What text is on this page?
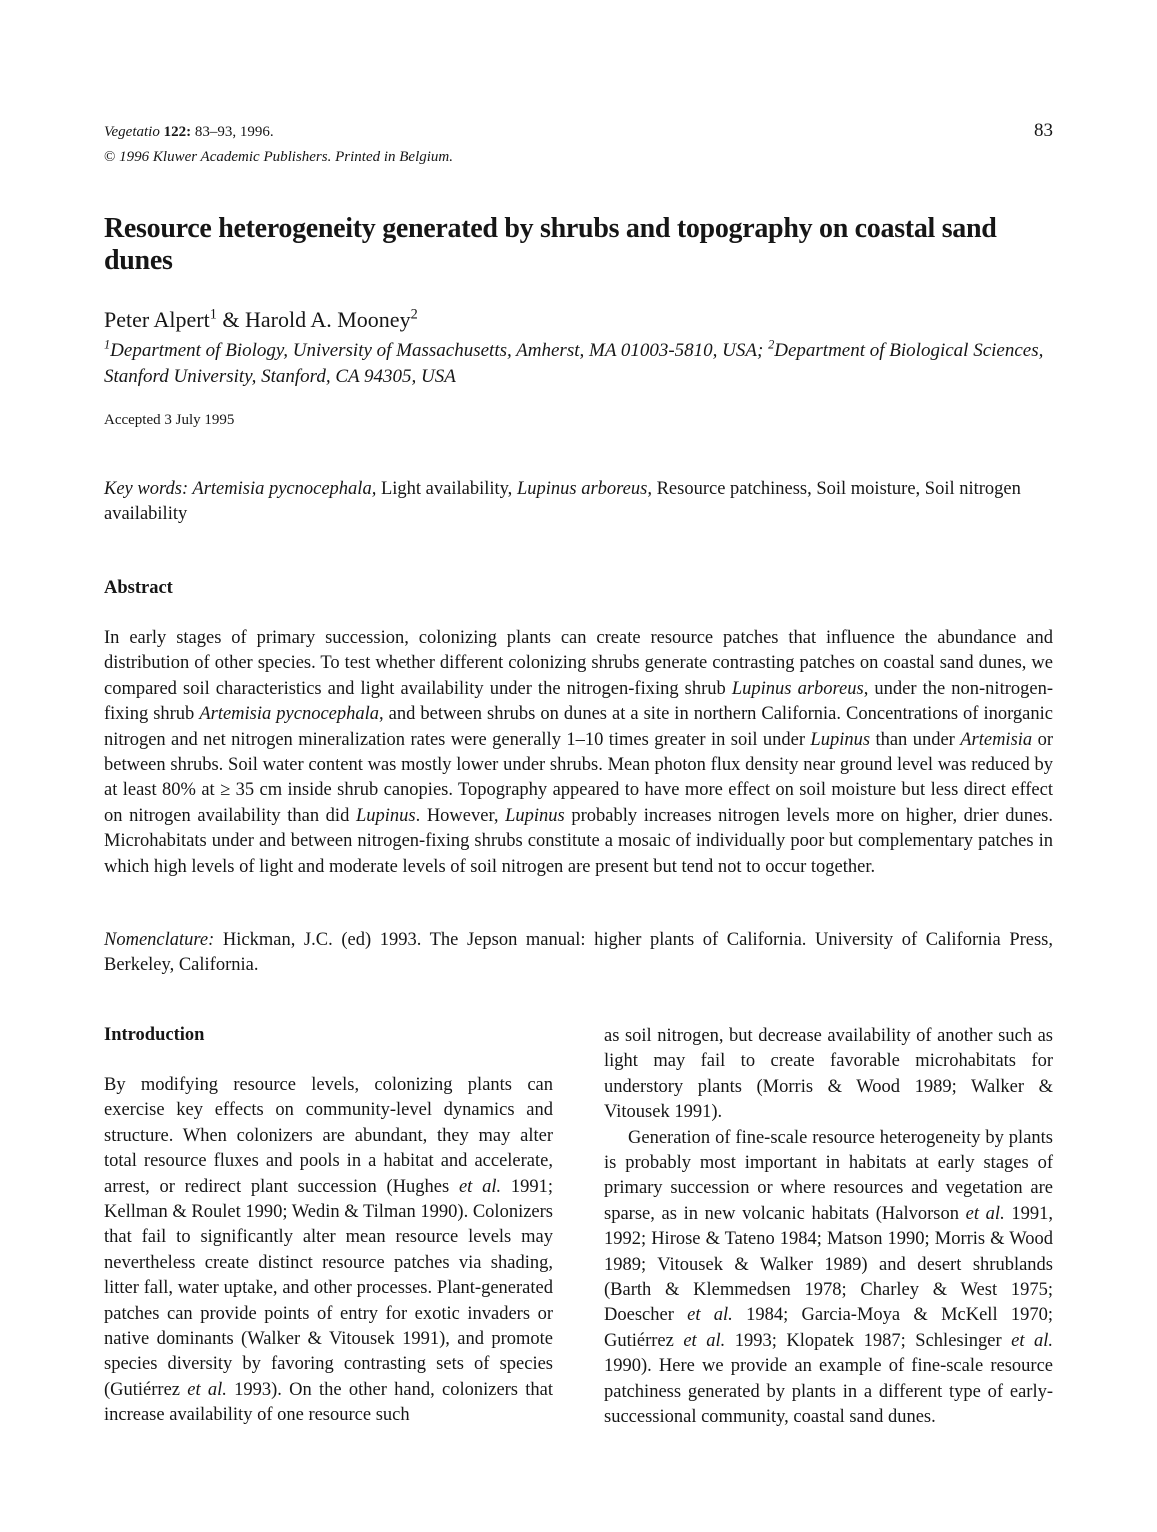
Vegetatio 122: 83–93, 1996.
© 1996 Kluwer Academic Publishers. Printed in Belgium.
83
Resource heterogeneity generated by shrubs and topography on coastal sand dunes
Peter Alpert$^1$ & Harold A. Mooney$^2$
$^1$Department of Biology, University of Massachusetts, Amherst, MA 01003-5810, USA; $^2$Department of Biological Sciences, Stanford University, Stanford, CA 94305, USA
Accepted 3 July 1995
Key words: Artemisia pycnocephala, Light availability, Lupinus arboreus, Resource patchiness, Soil moisture, Soil nitrogen availability
Abstract
In early stages of primary succession, colonizing plants can create resource patches that influence the abundance and distribution of other species. To test whether different colonizing shrubs generate contrasting patches on coastal sand dunes, we compared soil characteristics and light availability under the nitrogen-fixing shrub Lupinus arboreus, under the non-nitrogen-fixing shrub Artemisia pycnocephala, and between shrubs on dunes at a site in northern California. Concentrations of inorganic nitrogen and net nitrogen mineralization rates were generally 1–10 times greater in soil under Lupinus than under Artemisia or between shrubs. Soil water content was mostly lower under shrubs. Mean photon flux density near ground level was reduced by at least 80% at ≥ 35 cm inside shrub canopies. Topography appeared to have more effect on soil moisture but less direct effect on nitrogen availability than did Lupinus. However, Lupinus probably increases nitrogen levels more on higher, drier dunes. Microhabitats under and between nitrogen-fixing shrubs constitute a mosaic of individually poor but complementary patches in which high levels of light and moderate levels of soil nitrogen are present but tend not to occur together.
Nomenclature: Hickman, J.C. (ed) 1993. The Jepson manual: higher plants of California. University of California Press, Berkeley, California.
Introduction
By modifying resource levels, colonizing plants can exercise key effects on community-level dynamics and structure. When colonizers are abundant, they may alter total resource fluxes and pools in a habitat and accelerate, arrest, or redirect plant succession (Hughes et al. 1991; Kellman & Roulet 1990; Wedin & Tilman 1990). Colonizers that fail to significantly alter mean resource levels may nevertheless create distinct resource patches via shading, litter fall, water uptake, and other processes. Plant-generated patches can provide points of entry for exotic invaders or native dominants (Walker & Vitousek 1991), and promote species diversity by favoring contrasting sets of species (Gutiérrez et al. 1993). On the other hand, colonizers that increase availability of one resource such
as soil nitrogen, but decrease availability of another such as light may fail to create favorable microhabitats for understory plants (Morris & Wood 1989; Walker & Vitousek 1991).
Generation of fine-scale resource heterogeneity by plants is probably most important in habitats at early stages of primary succession or where resources and vegetation are sparse, as in new volcanic habitats (Halvorson et al. 1991, 1992; Hirose & Tateno 1984; Matson 1990; Morris & Wood 1989; Vitousek & Walker 1989) and desert shrublands (Barth & Klemmedsen 1978; Charley & West 1975; Doescher et al. 1984; Garcia-Moya & McKell 1970; Gutiérrez et al. 1993; Klopatek 1987; Schlesinger et al. 1990). Here we provide an example of fine-scale resource patchiness generated by plants in a different type of early-successional community, coastal sand dunes.
